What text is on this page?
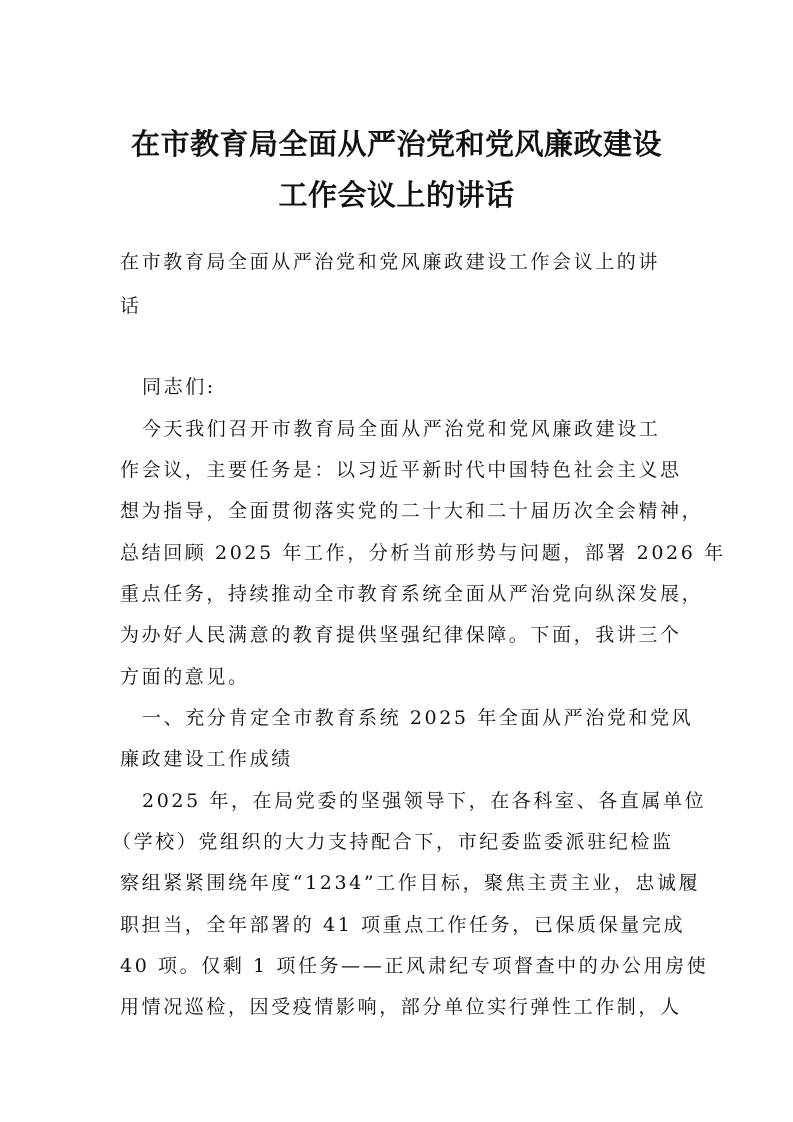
在市教育局全面从严治党和党风廉政建设
工作会议上的讲话

在市教育局全面从严治党和党风廉政建设工作会议上的讲

话

同志们:

今天我们召开市教育局全面从严治党和党风廉政建设工

作会议，主要任务是：以习近平新时代中国特色社会主义思

想为指导，全面贯彻落实党的二十大和二十届历次全会精神，

总结回顾 2025 年工作，分析当前形势与问题，部署 2026 年

重点任务，持续推动全市教育系统全面从严治党向纵深发展，

为办好人民满意的教育提供坚强纪律保障。下面，我讲三个

方面的意见。

一、充分肯定全市教育系统 2025 年全面从严治党和党风

廉政建设工作成绩

2025 年，在局党委的坚强领导下，在各科室、各直属单位

（学校）党组织的大力支持配合下，市纪委监委派驻纪检监

察组紧紧围绕年度“1234”工作目标，聚焦主责主业，忠诚履

职担当，全年部署的 41 项重点工作任务，已保质保量完成

40 项。仅剩 1 项任务——正风肃纪专项督查中的办公用房使

用情况巡检，因受疫情影响，部分单位实行弹性工作制，人
